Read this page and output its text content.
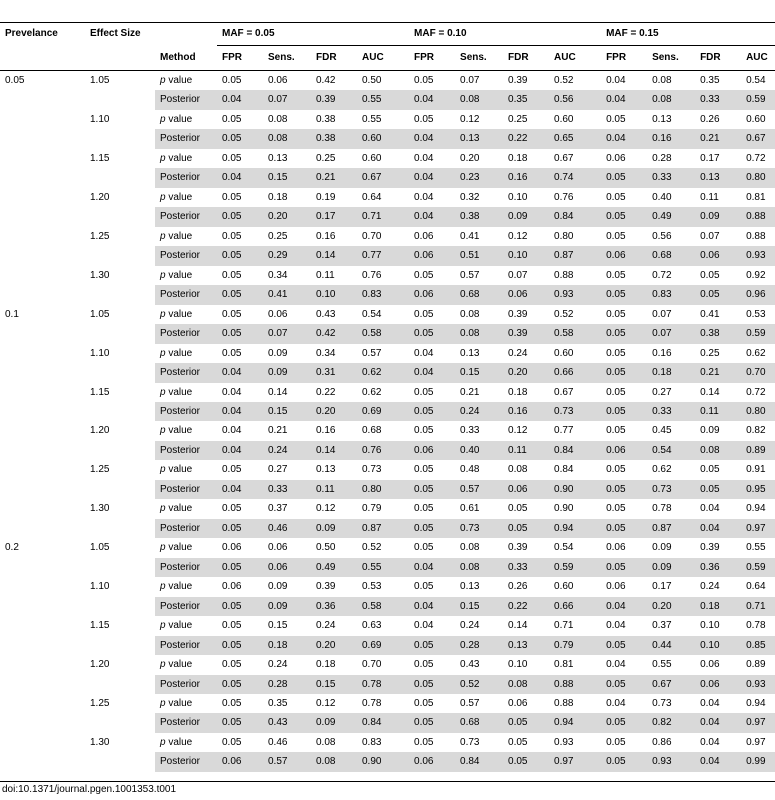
Prevelance	Effect Size		MAF = 0.05				MAF = 0.10				MAF = 0.15			
		Method	FPR	Sens.	FDR	AUC	FPR	Sens.	FDR	AUC	FPR	Sens.	FDR	AUC
0.05	1.05	p value	0.05	0.06	0.42	0.50	0.05	0.07	0.39	0.52	0.04	0.08	0.35	0.54
		Posterior	0.04	0.07	0.39	0.55	0.04	0.08	0.35	0.56	0.04	0.08	0.33	0.59
	1.10	p value	0.05	0.08	0.38	0.55	0.05	0.12	0.25	0.60	0.05	0.13	0.26	0.60
		Posterior	0.05	0.08	0.38	0.60	0.04	0.13	0.22	0.65	0.04	0.16	0.21	0.67
	1.15	p value	0.05	0.13	0.25	0.60	0.04	0.20	0.18	0.67	0.06	0.28	0.17	0.72
		Posterior	0.04	0.15	0.21	0.67	0.04	0.23	0.16	0.74	0.05	0.33	0.13	0.80
	1.20	p value	0.05	0.18	0.19	0.64	0.04	0.32	0.10	0.76	0.05	0.40	0.11	0.81
		Posterior	0.05	0.20	0.17	0.71	0.04	0.38	0.09	0.84	0.05	0.49	0.09	0.88
	1.25	p value	0.05	0.25	0.16	0.70	0.06	0.41	0.12	0.80	0.05	0.56	0.07	0.88
		Posterior	0.05	0.29	0.14	0.77	0.06	0.51	0.10	0.87	0.06	0.68	0.06	0.93
	1.30	p value	0.05	0.34	0.11	0.76	0.05	0.57	0.07	0.88	0.05	0.72	0.05	0.92
		Posterior	0.05	0.41	0.10	0.83	0.06	0.68	0.06	0.93	0.05	0.83	0.05	0.96
0.1	1.05	p value	0.05	0.06	0.43	0.54	0.05	0.08	0.39	0.52	0.05	0.07	0.41	0.53
		Posterior	0.05	0.07	0.42	0.58	0.05	0.08	0.39	0.58	0.05	0.07	0.38	0.59
	1.10	p value	0.05	0.09	0.34	0.57	0.04	0.13	0.24	0.60	0.05	0.16	0.25	0.62
		Posterior	0.04	0.09	0.31	0.62	0.04	0.15	0.20	0.66	0.05	0.18	0.21	0.70
	1.15	p value	0.04	0.14	0.22	0.62	0.05	0.21	0.18	0.67	0.05	0.27	0.14	0.72
		Posterior	0.04	0.15	0.20	0.69	0.05	0.24	0.16	0.73	0.05	0.33	0.11	0.80
	1.20	p value	0.04	0.21	0.16	0.68	0.05	0.33	0.12	0.77	0.05	0.45	0.09	0.82
		Posterior	0.04	0.24	0.14	0.76	0.06	0.40	0.11	0.84	0.06	0.54	0.08	0.89
	1.25	p value	0.05	0.27	0.13	0.73	0.05	0.48	0.08	0.84	0.05	0.62	0.05	0.91
		Posterior	0.04	0.33	0.11	0.80	0.05	0.57	0.06	0.90	0.05	0.73	0.05	0.95
	1.30	p value	0.05	0.37	0.12	0.79	0.05	0.61	0.05	0.90	0.05	0.78	0.04	0.94
		Posterior	0.05	0.46	0.09	0.87	0.05	0.73	0.05	0.94	0.05	0.87	0.04	0.97
0.2	1.05	p value	0.06	0.06	0.50	0.52	0.05	0.08	0.39	0.54	0.06	0.09	0.39	0.55
		Posterior	0.05	0.06	0.49	0.55	0.04	0.08	0.33	0.59	0.05	0.09	0.36	0.59
	1.10	p value	0.06	0.09	0.39	0.53	0.05	0.13	0.26	0.60	0.06	0.17	0.24	0.64
		Posterior	0.05	0.09	0.36	0.58	0.04	0.15	0.22	0.66	0.04	0.20	0.18	0.71
	1.15	p value	0.05	0.15	0.24	0.63	0.04	0.24	0.14	0.71	0.04	0.37	0.10	0.78
		Posterior	0.05	0.18	0.20	0.69	0.05	0.28	0.13	0.79	0.05	0.44	0.10	0.85
	1.20	p value	0.05	0.24	0.18	0.70	0.05	0.43	0.10	0.81	0.04	0.55	0.06	0.89
		Posterior	0.05	0.28	0.15	0.78	0.05	0.52	0.08	0.88	0.05	0.67	0.06	0.93
	1.25	p value	0.05	0.35	0.12	0.78	0.05	0.57	0.06	0.88	0.04	0.73	0.04	0.94
		Posterior	0.05	0.43	0.09	0.84	0.05	0.68	0.05	0.94	0.05	0.82	0.04	0.97
	1.30	p value	0.05	0.46	0.08	0.83	0.05	0.73	0.05	0.93	0.05	0.86	0.04	0.97
		Posterior	0.06	0.57	0.08	0.90	0.06	0.84	0.05	0.97	0.05	0.93	0.04	0.99
doi:10.1371/journal.pgen.1001353.t001
